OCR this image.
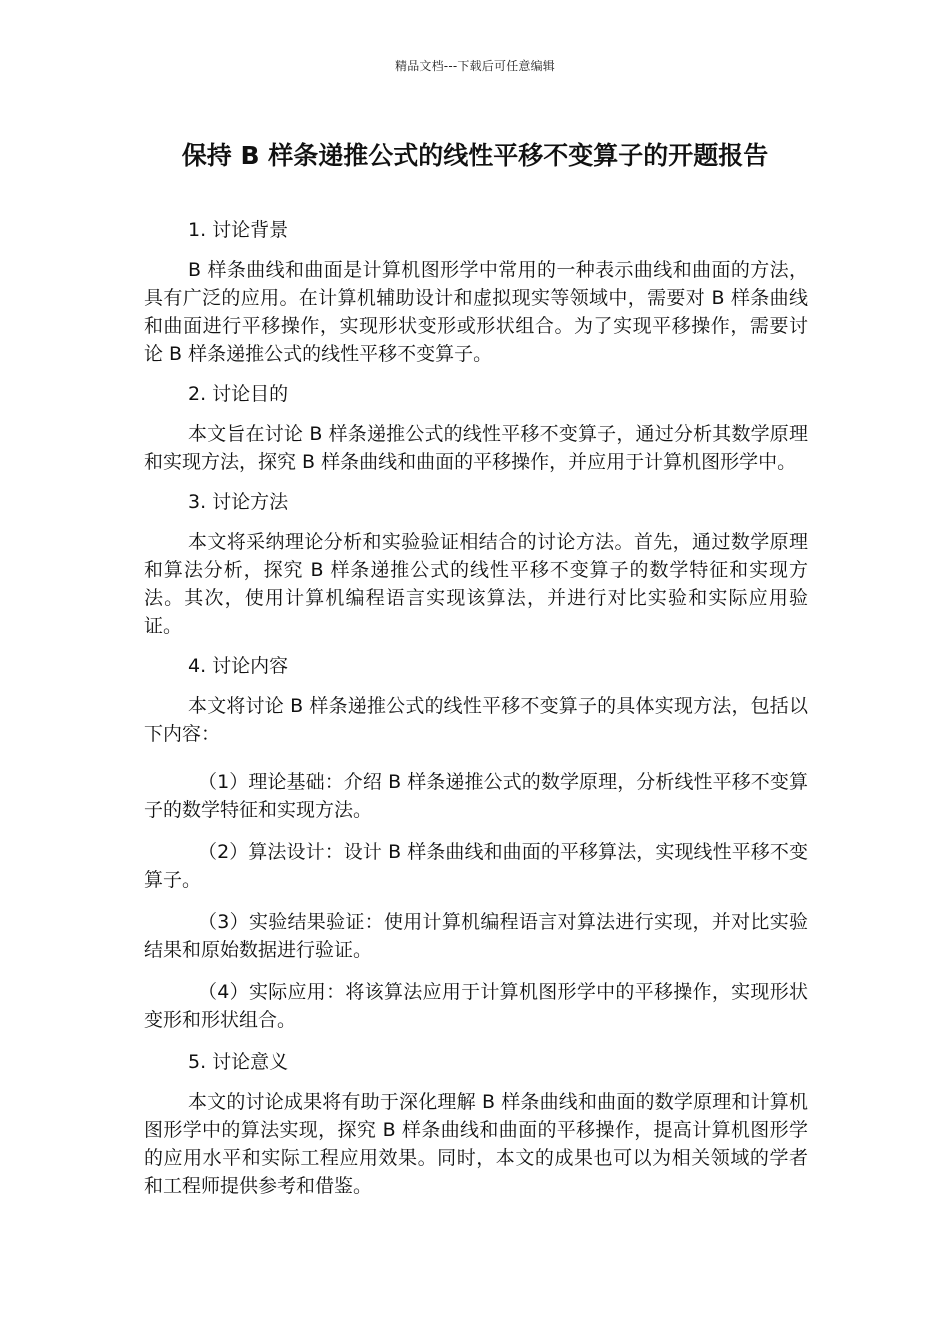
精品文档---下载后可任意编辑
保持 B 样条递推公式的线性平移不变算子的开题报告

1. 讨论背景

B 样条曲线和曲面是计算机图形学中常用的一种表示曲线和曲面的方法，具有广泛的应用。在计算机辅助设计和虚拟现实等领域中，需要对 B 样条曲线和曲面进行平移操作，实现形状变形或形状组合。为了实现平移操作，需要讨论 B 样条递推公式的线性平移不变算子。

2. 讨论目的

本文旨在讨论 B 样条递推公式的线性平移不变算子，通过分析其数学原理和实现方法，探究 B 样条曲线和曲面的平移操作，并应用于计算机图形学中。

3. 讨论方法

本文将采纳理论分析和实验验证相结合的讨论方法。首先，通过数学原理和算法分析，探究 B 样条递推公式的线性平移不变算子的数学特征和实现方法。其次，使用计算机编程语言实现该算法，并进行对比实验和实际应用验证。

4. 讨论内容

本文将讨论 B 样条递推公式的线性平移不变算子的具体实现方法，包括以下内容：

（1）理论基础：介绍 B 样条递推公式的数学原理，分析线性平移不变算子的数学特征和实现方法。

（2）算法设计：设计 B 样条曲线和曲面的平移算法，实现线性平移不变算子。

（3）实验结果验证：使用计算机编程语言对算法进行实现，并对比实验结果和原始数据进行验证。

（4）实际应用：将该算法应用于计算机图形学中的平移操作，实现形状变形和形状组合。

5. 讨论意义

本文的讨论成果将有助于深化理解 B 样条曲线和曲面的数学原理和计算机图形学中的算法实现，探究 B 样条曲线和曲面的平移操作，提高计算机图形学的应用水平和实际工程应用效果。同时，本文的成果也可以为相关领域的学者和工程师提供参考和借鉴。
